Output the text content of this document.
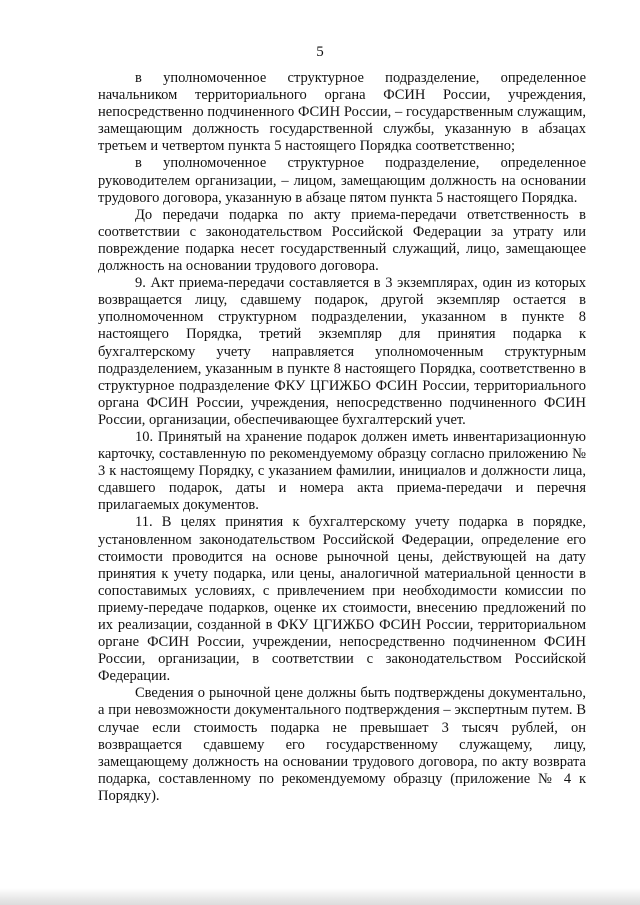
5

в уполномоченное структурное подразделение, определенное начальником территориального органа ФСИН России, учреждения, непосредственно подчиненного ФСИН России, – государственным служащим, замещающим должность государственной службы, указанную в абзацах третьем и четвертом пункта 5 настоящего Порядка соответственно;

в уполномоченное структурное подразделение, определенное руководителем организации, – лицом, замещающим должность на основании трудового договора, указанную в абзаце пятом пункта 5 настоящего Порядка.

До передачи подарка по акту приема-передачи ответственность в соответствии с законодательством Российской Федерации за утрату или повреждение подарка несет государственный служащий, лицо, замещающее должность на основании трудового договора.

9. Акт приема-передачи составляется в 3 экземплярах, один из которых возвращается лицу, сдавшему подарок, другой экземпляр остается в уполномоченном структурном подразделении, указанном в пункте 8 настоящего Порядка, третий экземпляр для принятия подарка к бухгалтерскому учету направляется уполномоченным структурным подразделением, указанным в пункте 8 настоящего Порядка, соответственно в структурное подразделение ФКУ ЦГИЖБО ФСИН России, территориального органа ФСИН России, учреждения, непосредственно подчиненного ФСИН России, организации, обеспечивающее бухгалтерский учет.

10. Принятый на хранение подарок должен иметь инвентаризационную карточку, составленную по рекомендуемому образцу согласно приложению № 3 к настоящему Порядку, с указанием фамилии, инициалов и должности лица, сдавшего подарок, даты и номера акта приема-передачи и перечня прилагаемых документов.

11. В целях принятия к бухгалтерскому учету подарка в порядке, установленном законодательством Российской Федерации, определение его стоимости проводится на основе рыночной цены, действующей на дату принятия к учету подарка, или цены, аналогичной материальной ценности в сопоставимых условиях, с привлечением при необходимости комиссии по приему-передаче подарков, оценке их стоимости, внесению предложений по их реализации, созданной в ФКУ ЦГИЖБО ФСИН России, территориальном органе ФСИН России, учреждении, непосредственно подчиненном ФСИН России, организации, в соответствии с законодательством Российской Федерации.

Сведения о рыночной цене должны быть подтверждены документально, а при невозможности документального подтверждения – экспертным путем. В случае если стоимость подарка не превышает 3 тысяч рублей, он возвращается сдавшему его государственному служащему, лицу, замещающему должность на основании трудового договора, по акту возврата подарка, составленному по рекомендуемому образцу (приложение № 4 к Порядку).
